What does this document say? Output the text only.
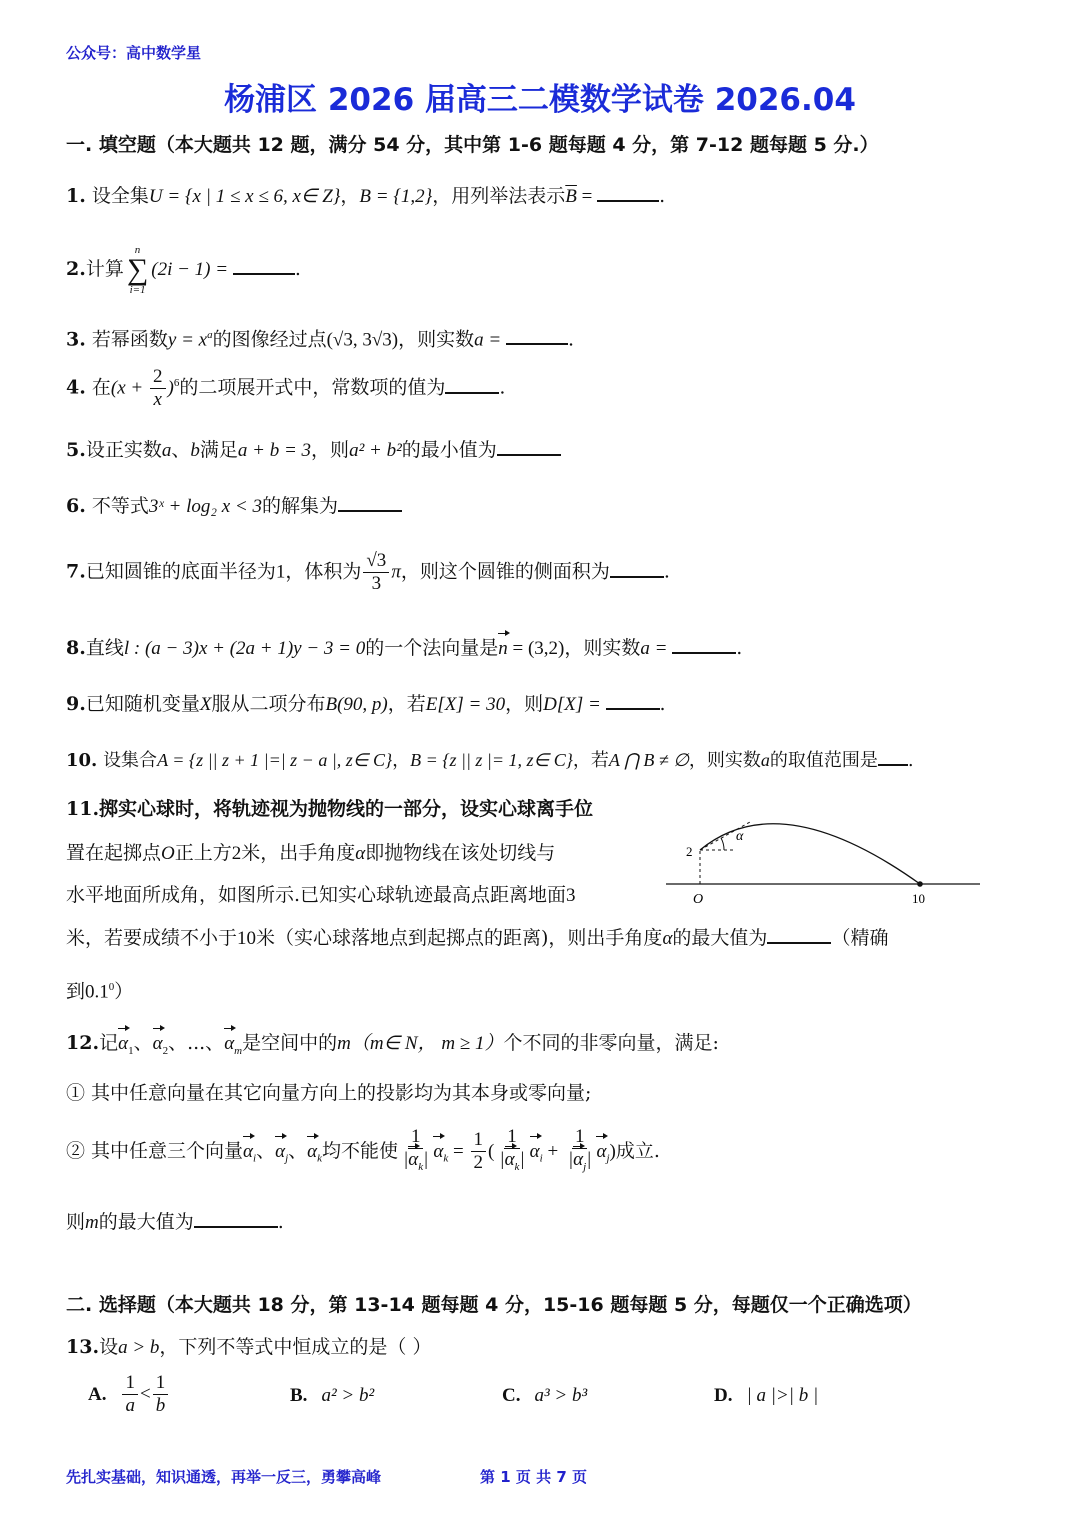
公众号：高中数学星
杨浦区 2026 届高三二模数学试卷 2026.04
一. 填空题（本大题共 12 题，满分 54 分，其中第 1-6 题每题 4 分，第 7-12 题每题 5 分.）
1. 设全集U = {x | 1 ≤ x ≤ 6, x∈ Z}，B = {1,2}，用列举法表示$\overline{B}$ =	.
2.计算
n
∑
i=1
(2i − 1) =	.
3. 若幂函数$y = x^a$的图像经过点(√3, 3√3)，则实数a =	.
4. 在$(x + \frac{2}{x} )^6$的二项展开式中，常数项的值为	.
5.设正实数a、b满足a + b = 3，则a² + b²的最小值为
6. 不等式3ˣ + log₂ x < 3的解集为
7.已知圆锥的底面半径为1，体积为 $\frac{√3}{3}$ π，则这个圆锥的侧面积为	.
8.直线l : (a − 3)x + (2a + 1)y − 3 = 0的一个法向量是n = (3,2)，则实数a =	.
9.已知随机变量X服从二项分布B(90, p)，若E[X] = 30，则D[X] =	.
10. 设集合A = {z || z + 1 |=| z − a |, z∈ C}，B = {z || z |= 1, z∈ C}，若A ⋂ B ≠ ∅，则实数a的取值范围是 .
11.掷实心球时，将轨迹视为抛物线的一部分，设实心球离手位
置在起掷点O正上方2米，出手角度α即抛物线在该处切线与
水平地面所成角，如图所示.已知实心球轨迹最高点距离地面3
米，若要成绩不小于10米（实心球落地点到起掷点的距离)，则出手角度α的最大值为	（精确
到$0.1^0$）
α
2
O	10
12.记$\alpha_1$、$\alpha_2$、...、$\alpha_m$是空间中的m（m∈ N， m ≥ 1）个不同的非零向量，满足:
① 其中任意向量在其它向量方向上的投影均为其本身或零向量;
② 其中任意三个向量$\alpha_i$、$\alpha_j$、$\alpha_k$均不能使 $\frac{1}{|\alpha_k|} \alpha_k = \frac{1}{2}$ ( $\frac{1}{|\alpha_k|} \alpha_i + \frac{1}{|\alpha_j|} \alpha_j$)成立.
则m的最大值为	.
二. 选择题（本大题共 18 分，第 13-14 题每题 4 分，15-16 题每题 5 分，每题仅一个正确选项）
13.设a > b，下列不等式中恒成立的是（ ）
A. $\frac{1}{a} < \frac{1}{b}$	B. a² > b²	C. a³ > b³	D. | a |>| b |
先扎实基础，知识通透，再举一反三，勇攀高峰	第 1 页 共 7 页
